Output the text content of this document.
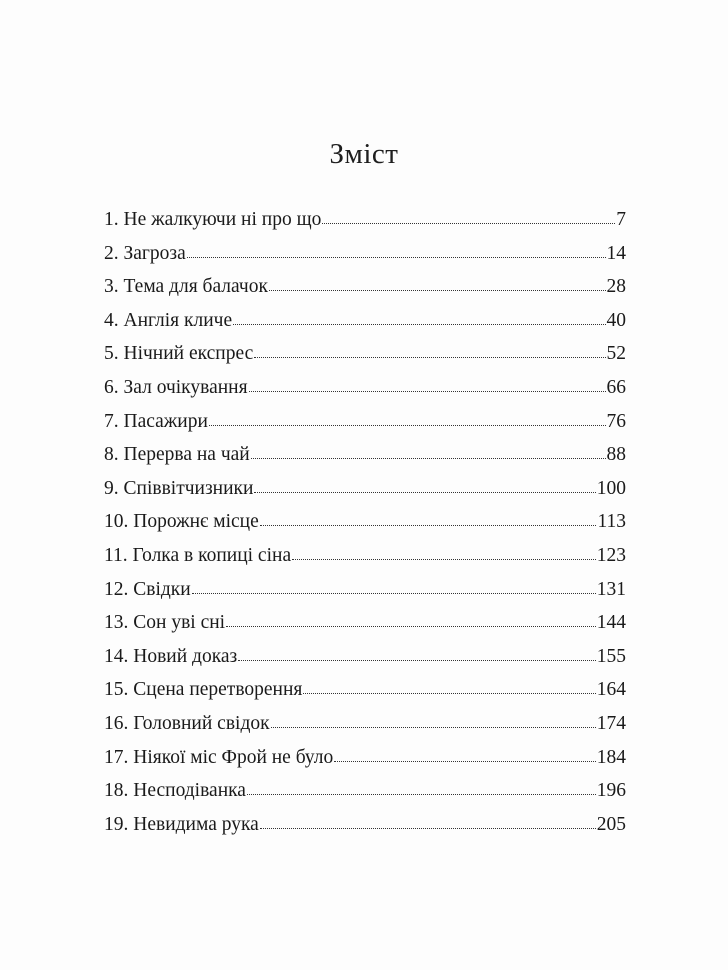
Зміст
1. Не жалкуючи ні про що	7
2. Загроза	14
3. Тема для балачок	28
4. Англія кличе	40
5. Нічний експрес	52
6. Зал очікування	66
7. Пасажири	76
8. Перерва на чай	88
9. Співвітчизники	100
10. Порожнє місце	113
11. Голка в копиці сіна	123
12. Свідки	131
13. Сон уві сні	144
14. Новий доказ	155
15. Сцена перетворення	164
16. Головний свідок	174
17. Ніякої міс Фрой не було	184
18. Несподіванка	196
19. Невидима рука	205
